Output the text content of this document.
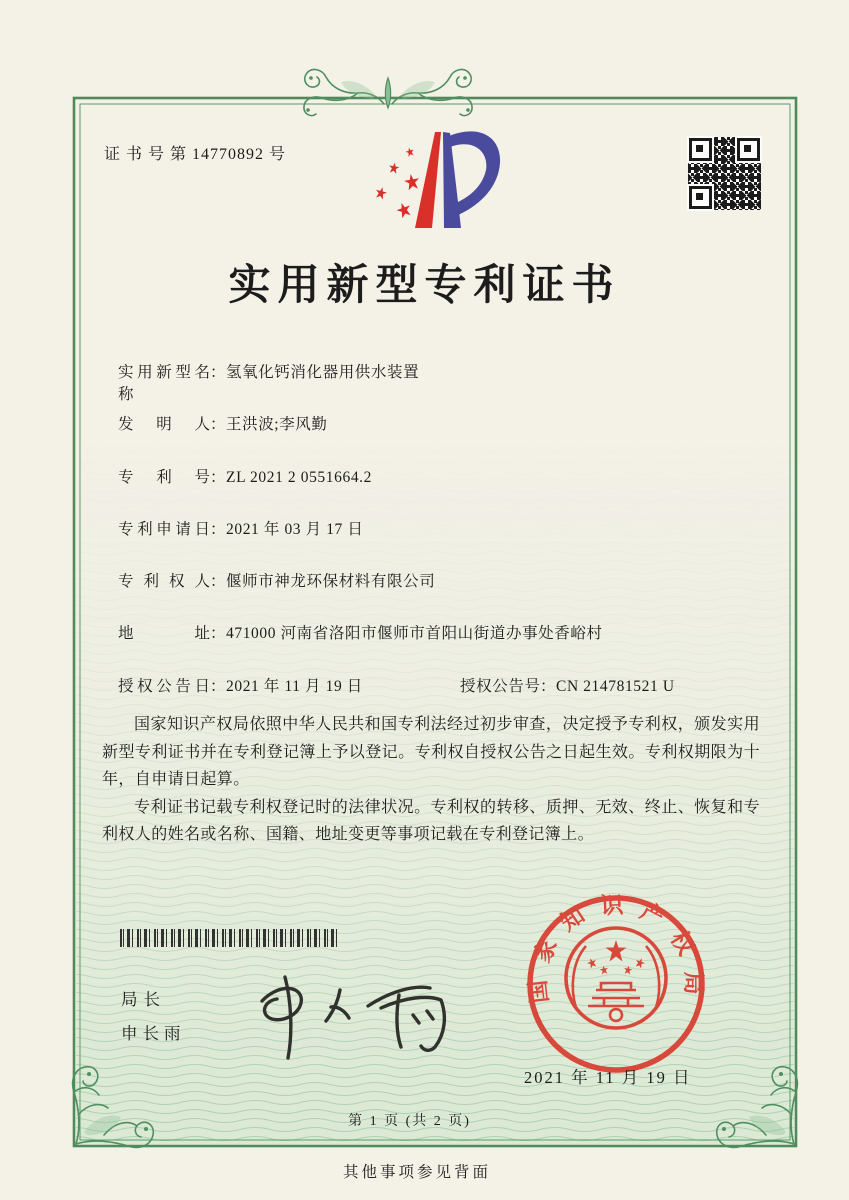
国家知识产权局
证 书 号 第 14770892 号
实用新型专利证书
实用新型名称
： 氢氧化钙消化器用供水装置
发明人 ： 王洪波;李风勤
专利号 ： ZL 2021 2 0551664.2
专利申请日 ： 2021 年 03 月 17 日
专利权人 ： 偃师市神龙环保材料有限公司
地址 ： 471000 河南省洛阳市偃师市首阳山街道办事处香峪村
授权公告日 ： 2021 年 11 月 19 日	授权公告号 ： CN 214781521 U

国家知识产权局依照中华人民共和国专利法经过初步审查，决定授予专利权，颁发实用新型专利证书并在专利登记簿上予以登记。专利权自授权公告之日起生效。专利权期限为十年，自申请日起算。

专利证书记载专利权登记时的法律状况。专利权的转移、质押、无效、终止、恢复和专利权人的姓名或名称、国籍、地址变更等事项记载在专利登记簿上。

局长
申长雨
2021 年 11 月 19 日
第 1 页 (共 2 页)
其他事项参见背面
